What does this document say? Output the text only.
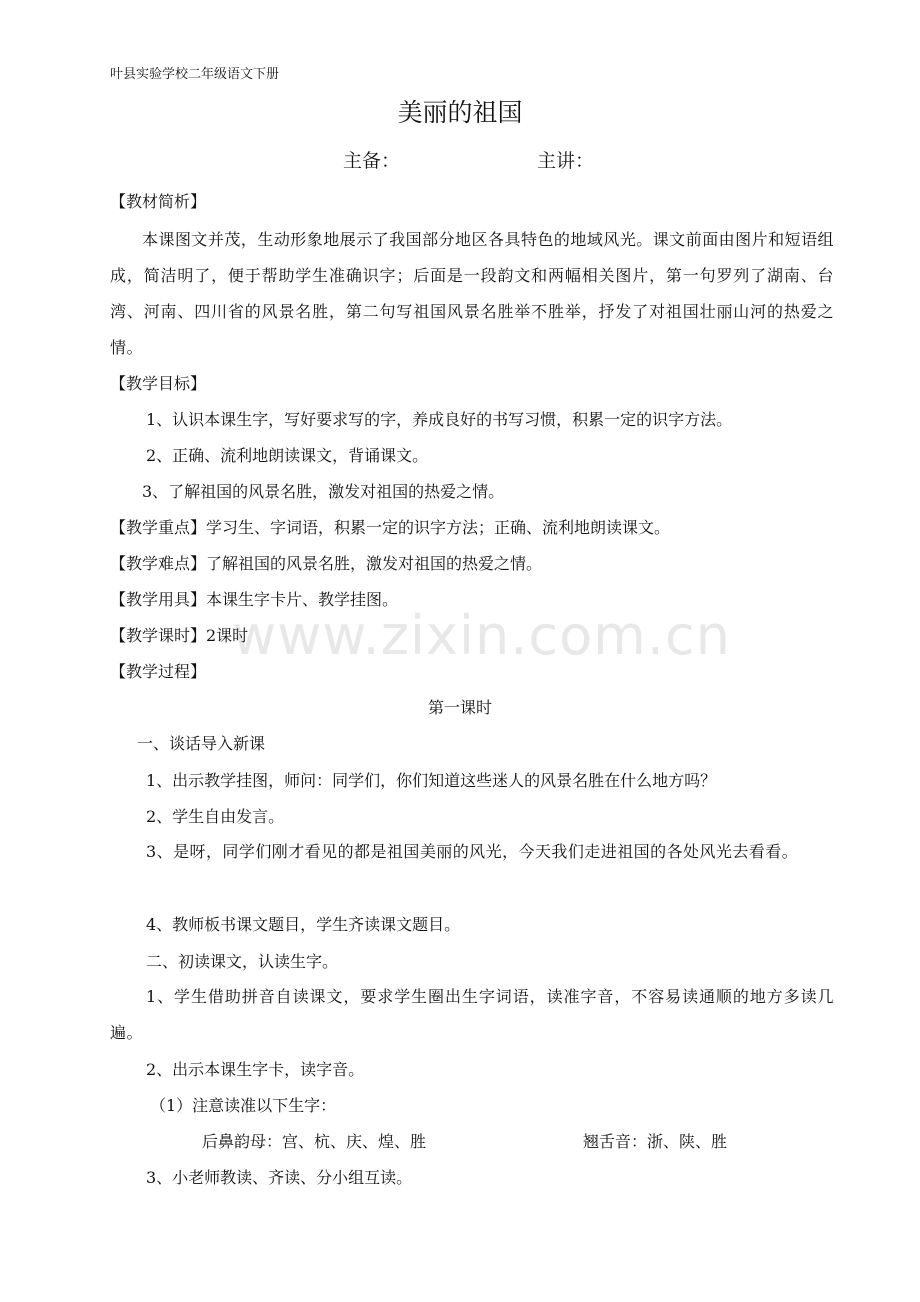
叶县实验学校二年级语文下册
美丽的祖国
主备：	主讲：
【教材简析】
本课图文并茂，生动形象地展示了我国部分地区各具特色的地域风光。课文前面由图片和短语组成，简洁明了，便于帮助学生准确识字；后面是一段韵文和两幅相关图片，第一句罗列了湖南、台湾、河南、四川省的风景名胜，第二句写祖国风景名胜举不胜举，抒发了对祖国壮丽山河的热爱之情。
【教学目标】
1、认识本课生字，写好要求写的字，养成良好的书写习惯，积累一定的识字方法。
2、正确、流利地朗读课文，背诵课文。
3、了解祖国的风景名胜，激发对祖国的热爱之情。
【教学重点】学习生、字词语，积累一定的识字方法；正确、流利地朗读课文。
【教学难点】了解祖国的风景名胜，激发对祖国的热爱之情。
【教学用具】本课生字卡片、教学挂图。
【教学课时】2课时
【教学过程】
第一课时
一、谈话导入新课
1、出示教学挂图，师问：同学们，你们知道这些迷人的风景名胜在什么地方吗？
2、学生自由发言。
3、是呀，同学们刚才看见的都是祖国美丽的风光，今天我们走进祖国的各处风光去看看。
4、教师板书课文题目，学生齐读课文题目。
二、初读课文，认读生字。
1、学生借助拼音自读课文，要求学生圈出生字词语，读准字音，不容易读通顺的地方多读几遍。
2、出示本课生字卡，读字音。
（1）注意读准以下生字：
后鼻韵母：宫、杭、庆、煌、胜	翘舌音：浙、陕、胜
3、小老师教读、齐读、分小组互读。
www.zixin.com.cn
